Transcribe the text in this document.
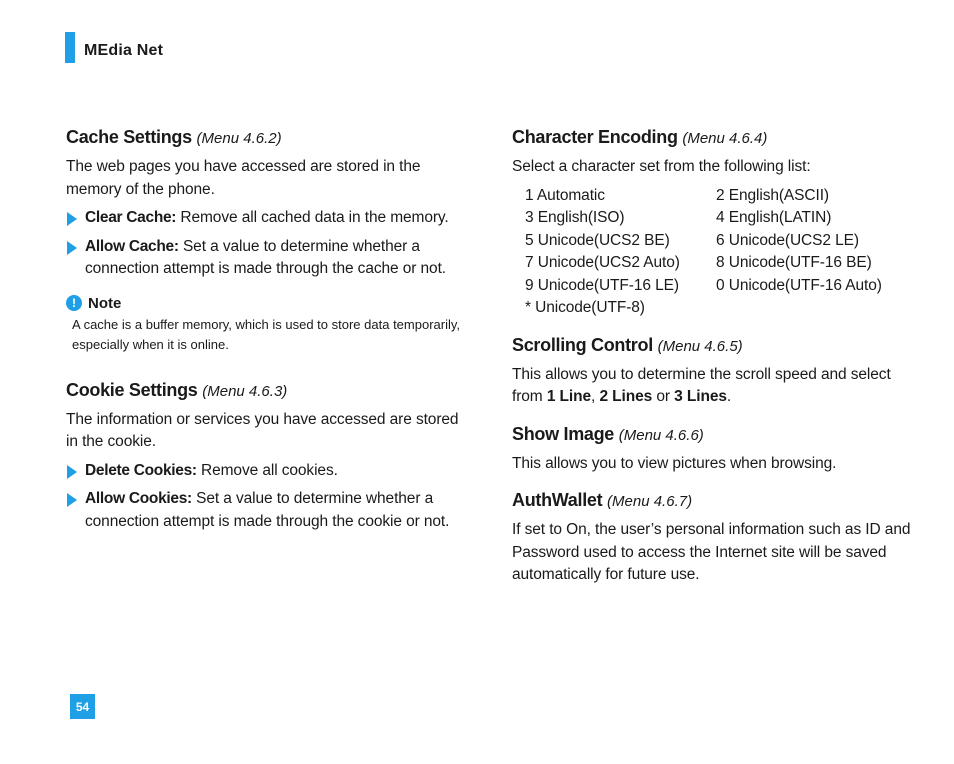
MEdia Net
Cache Settings (Menu 4.6.2)

The web pages you have accessed are stored in the memory of the phone.

Clear Cache: Remove all cached data in the memory.
Allow Cache: Set a value to determine whether a connection attempt is made through the cache or not.
! Note

A cache is a buffer memory, which is used to store data temporarily, especially when it is online.

Cookie Settings (Menu 4.6.3)

The information or services you have accessed are stored in the cookie.

Delete Cookies: Remove all cookies.
Allow Cookies: Set a value to determine whether a connection attempt is made through the cookie or not.
Character Encoding (Menu 4.6.4)

Select a character set from the following list:

1 Automatic	2 English(ASCII)
3 English(ISO)	4 English(LATIN)
5 Unicode(UCS2 BE)	6 Unicode(UCS2 LE)
7 Unicode(UCS2 Auto)	8 Unicode(UTF-16 BE)
9 Unicode(UTF-16 LE)	0 Unicode(UTF-16 Auto)
* Unicode(UTF-8)
Scrolling Control (Menu 4.6.5)

This allows you to determine the scroll speed and select from 1 Line, 2 Lines or 3 Lines.

Show Image (Menu 4.6.6)

This allows you to view pictures when browsing.

AuthWallet (Menu 4.6.7)

If set to On, the user’s personal information such as ID and Password used to access the Internet site will be saved automatically for future use.

54
